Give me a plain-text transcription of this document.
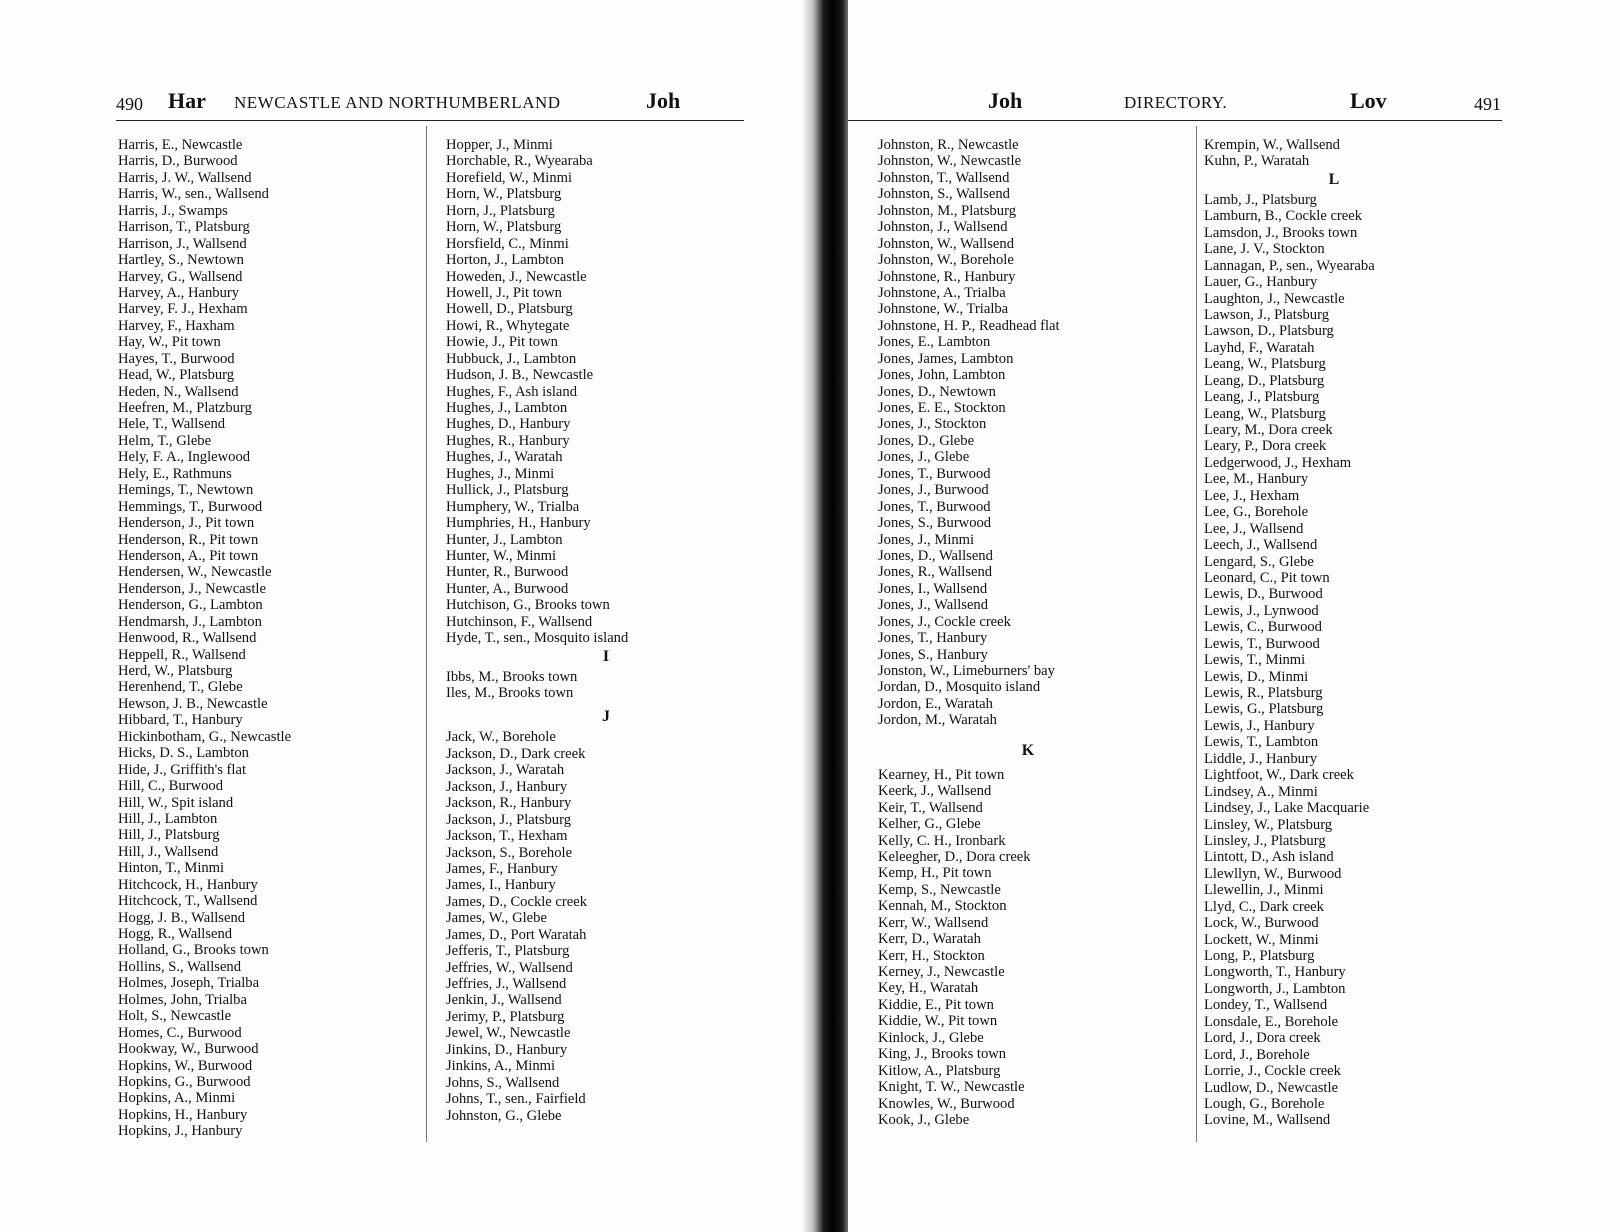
490 Har NEWCASTLE AND NORTHUMBERLAND	Joh
Harris, E., Newcastle
Harris, D., Burwood
Harris, J. W., Wallsend
Harris, W., sen., Wallsend
Harris, J., Swamps
Harrison, T., Platsburg
Harrison, J., Wallsend
Hartley, S., Newtown
Harvey, G., Wallsend
Harvey, A., Hanbury
Harvey, F. J., Hexham
Harvey, F., Haxham
Hay, W., Pit town
Hayes, T., Burwood
Head, W., Platsburg
Heden, N., Wallsend
Heefren, M., Platzburg
Hele, T., Wallsend
Helm, T., Glebe
Hely, F. A., Inglewood
Hely, E., Rathmuns
Hemings, T., Newtown
Hemmings, T., Burwood
Henderson, J., Pit town
Henderson, R., Pit town
Henderson, A., Pit town
Hendersen, W., Newcastle
Henderson, J., Newcastle
Henderson, G., Lambton
Hendmarsh, J., Lambton
Henwood, R., Wallsend
Heppell, R., Wallsend
Herd, W., Platsburg
Herenhend, T., Glebe
Hewson, J. B., Newcastle
Hibbard, T., Hanbury
Hickinbotham, G., Newcastle
Hicks, D. S., Lambton
Hide, J., Griffith's flat
Hill, C., Burwood
Hill, W., Spit island
Hill, J., Lambton
Hill, J., Platsburg
Hill, J., Wallsend
Hinton, T., Minmi
Hitchcock, H., Hanbury
Hitchcock, T., Wallsend
Hogg, J. B., Wallsend
Hogg, R., Wallsend
Holland, G., Brooks town
Hollins, S., Wallsend
Holmes, Joseph, Trialba
Holmes, John, Trialba
Holt, S., Newcastle
Homes, C., Burwood
Hookway, W., Burwood
Hopkins, W., Burwood
Hopkins, G., Burwood
Hopkins, A., Minmi
Hopkins, H., Hanbury
Hopkins, J., Hanbury
Hopper, J., Minmi
Horchable, R., Wyearaba
Horefield, W., Minmi
Horn, W., Platsburg
Horn, J., Platsburg
Horn, W., Platsburg
Horsfield, C., Minmi
Horton, J., Lambton
Howeden, J., Newcastle
Howell, J., Pit town
Howell, D., Platsburg
Howi, R., Whytegate
Howie, J., Pit town
Hubbuck, J., Lambton
Hudson, J. B., Newcastle
Hughes, F., Ash island
Hughes, J., Lambton
Hughes, D., Hanbury
Hughes, R., Hanbury
Hughes, J., Waratah
Hughes, J., Minmi
Hullick, J., Platsburg
Humphery, W., Trialba
Humphries, H., Hanbury
Hunter, J., Lambton
Hunter, W., Minmi
Hunter, R., Burwood
Hunter, A., Burwood
Hutchison, G., Brooks town
Hutchinson, F., Wallsend
Hyde, T., sen., Mosquito island
I
Ibbs, M., Brooks town
Iles, M., Brooks town
J
Jack, W., Borehole
Jackson, D., Dark creek
Jackson, J., Waratah
Jackson, J., Hanbury
Jackson, R., Hanbury
Jackson, J., Platsburg
Jackson, T., Hexham
Jackson, S., Borehole
James, F., Hanbury
James, I., Hanbury
James, D., Cockle creek
James, W., Glebe
James, D., Port Waratah
Jefferis, T., Platsburg
Jeffries, W., Wallsend
Jeffries, J., Wallsend
Jenkin, J., Wallsend
Jerimy, P., Platsburg
Jewel, W., Newcastle
Jinkins, D., Hanbury
Jinkins, A., Minmi
Johns, S., Wallsend
Johns, T., sen., Fairfield
Johnston, G., Glebe
Joh	DIRECTORY.	Lov	491
Johnston, R., Newcastle
Johnston, W., Newcastle
Johnston, T., Wallsend
Johnston, S., Wallsend
Johnston, M., Platsburg
Johnston, J., Wallsend
Johnston, W., Wallsend
Johnston, W., Borehole
Johnstone, R., Hanbury
Johnstone, A., Trialba
Johnstone, W., Trialba
Johnstone, H. P., Readhead flat
Jones, E., Lambton
Jones, James, Lambton
Jones, John, Lambton
Jones, D., Newtown
Jones, E. E., Stockton
Jones, J., Stockton
Jones, D., Glebe
Jones, J., Glebe
Jones, T., Burwood
Jones, J., Burwood
Jones, T., Burwood
Jones, S., Burwood
Jones, J., Minmi
Jones, D., Wallsend
Jones, R., Wallsend
Jones, I., Wallsend
Jones, J., Wallsend
Jones, J., Cockle creek
Jones, T., Hanbury
Jones, S., Hanbury
Jonston, W., Limeburners' bay
Jordan, D., Mosquito island
Jordon, E., Waratah
Jordon, M., Waratah
K
Kearney, H., Pit town
Keerk, J., Wallsend
Keir, T., Wallsend
Kelher, G., Glebe
Kelly, C. H., Ironbark
Keleegher, D., Dora creek
Kemp, H., Pit town
Kemp, S., Newcastle
Kennah, M., Stockton
Kerr, W., Wallsend
Kerr, D., Waratah
Kerr, H., Stockton
Kerney, J., Newcastle
Key, H., Waratah
Kiddie, E., Pit town
Kiddie, W., Pit town
Kinlock, J., Glebe
King, J., Brooks town
Kitlow, A., Platsburg
Knight, T. W., Newcastle
Knowles, W., Burwood
Kook, J., Glebe
Krempin, W., Wallsend
Kuhn, P., Waratah
L
Lamb, J., Platsburg
Lamburn, B., Cockle creek
Lamsdon, J., Brooks town
Lane, J. V., Stockton
Lannagan, P., sen., Wyearaba
Lauer, G., Hanbury
Laughton, J., Newcastle
Lawson, J., Platsburg
Lawson, D., Platsburg
Layhd, F., Waratah
Leang, W., Platsburg
Leang, D., Platsburg
Leang, J., Platsburg
Leang, W., Platsburg
Leary, M., Dora creek
Leary, P., Dora creek
Ledgerwood, J., Hexham
Lee, M., Hanbury
Lee, J., Hexham
Lee, G., Borehole
Lee, J., Wallsend
Leech, J., Wallsend
Lengard, S., Glebe
Leonard, C., Pit town
Lewis, D., Burwood
Lewis, J., Lynwood
Lewis, C., Burwood
Lewis, T., Burwood
Lewis, T., Minmi
Lewis, D., Minmi
Lewis, R., Platsburg
Lewis, G., Platsburg
Lewis, J., Hanbury
Lewis, T., Lambton
Liddle, J., Hanbury
Lightfoot, W., Dark creek
Lindsey, A., Minmi
Lindsey, J., Lake Macquarie
Linsley, W., Platsburg
Linsley, J., Platsburg
Lintott, D., Ash island
Llewllyn, W., Burwood
Llewellin, J., Minmi
Llyd, C., Dark creek
Lock, W., Burwood
Lockett, W., Minmi
Long, P., Platsburg
Longworth, T., Hanbury
Longworth, J., Lambton
Londey, T., Wallsend
Lonsdale, E., Borehole
Lord, J., Dora creek
Lord, J., Borehole
Lorrie, J., Cockle creek
Ludlow, D., Newcastle
Lough, G., Borehole
Lovine, M., Wallsend
